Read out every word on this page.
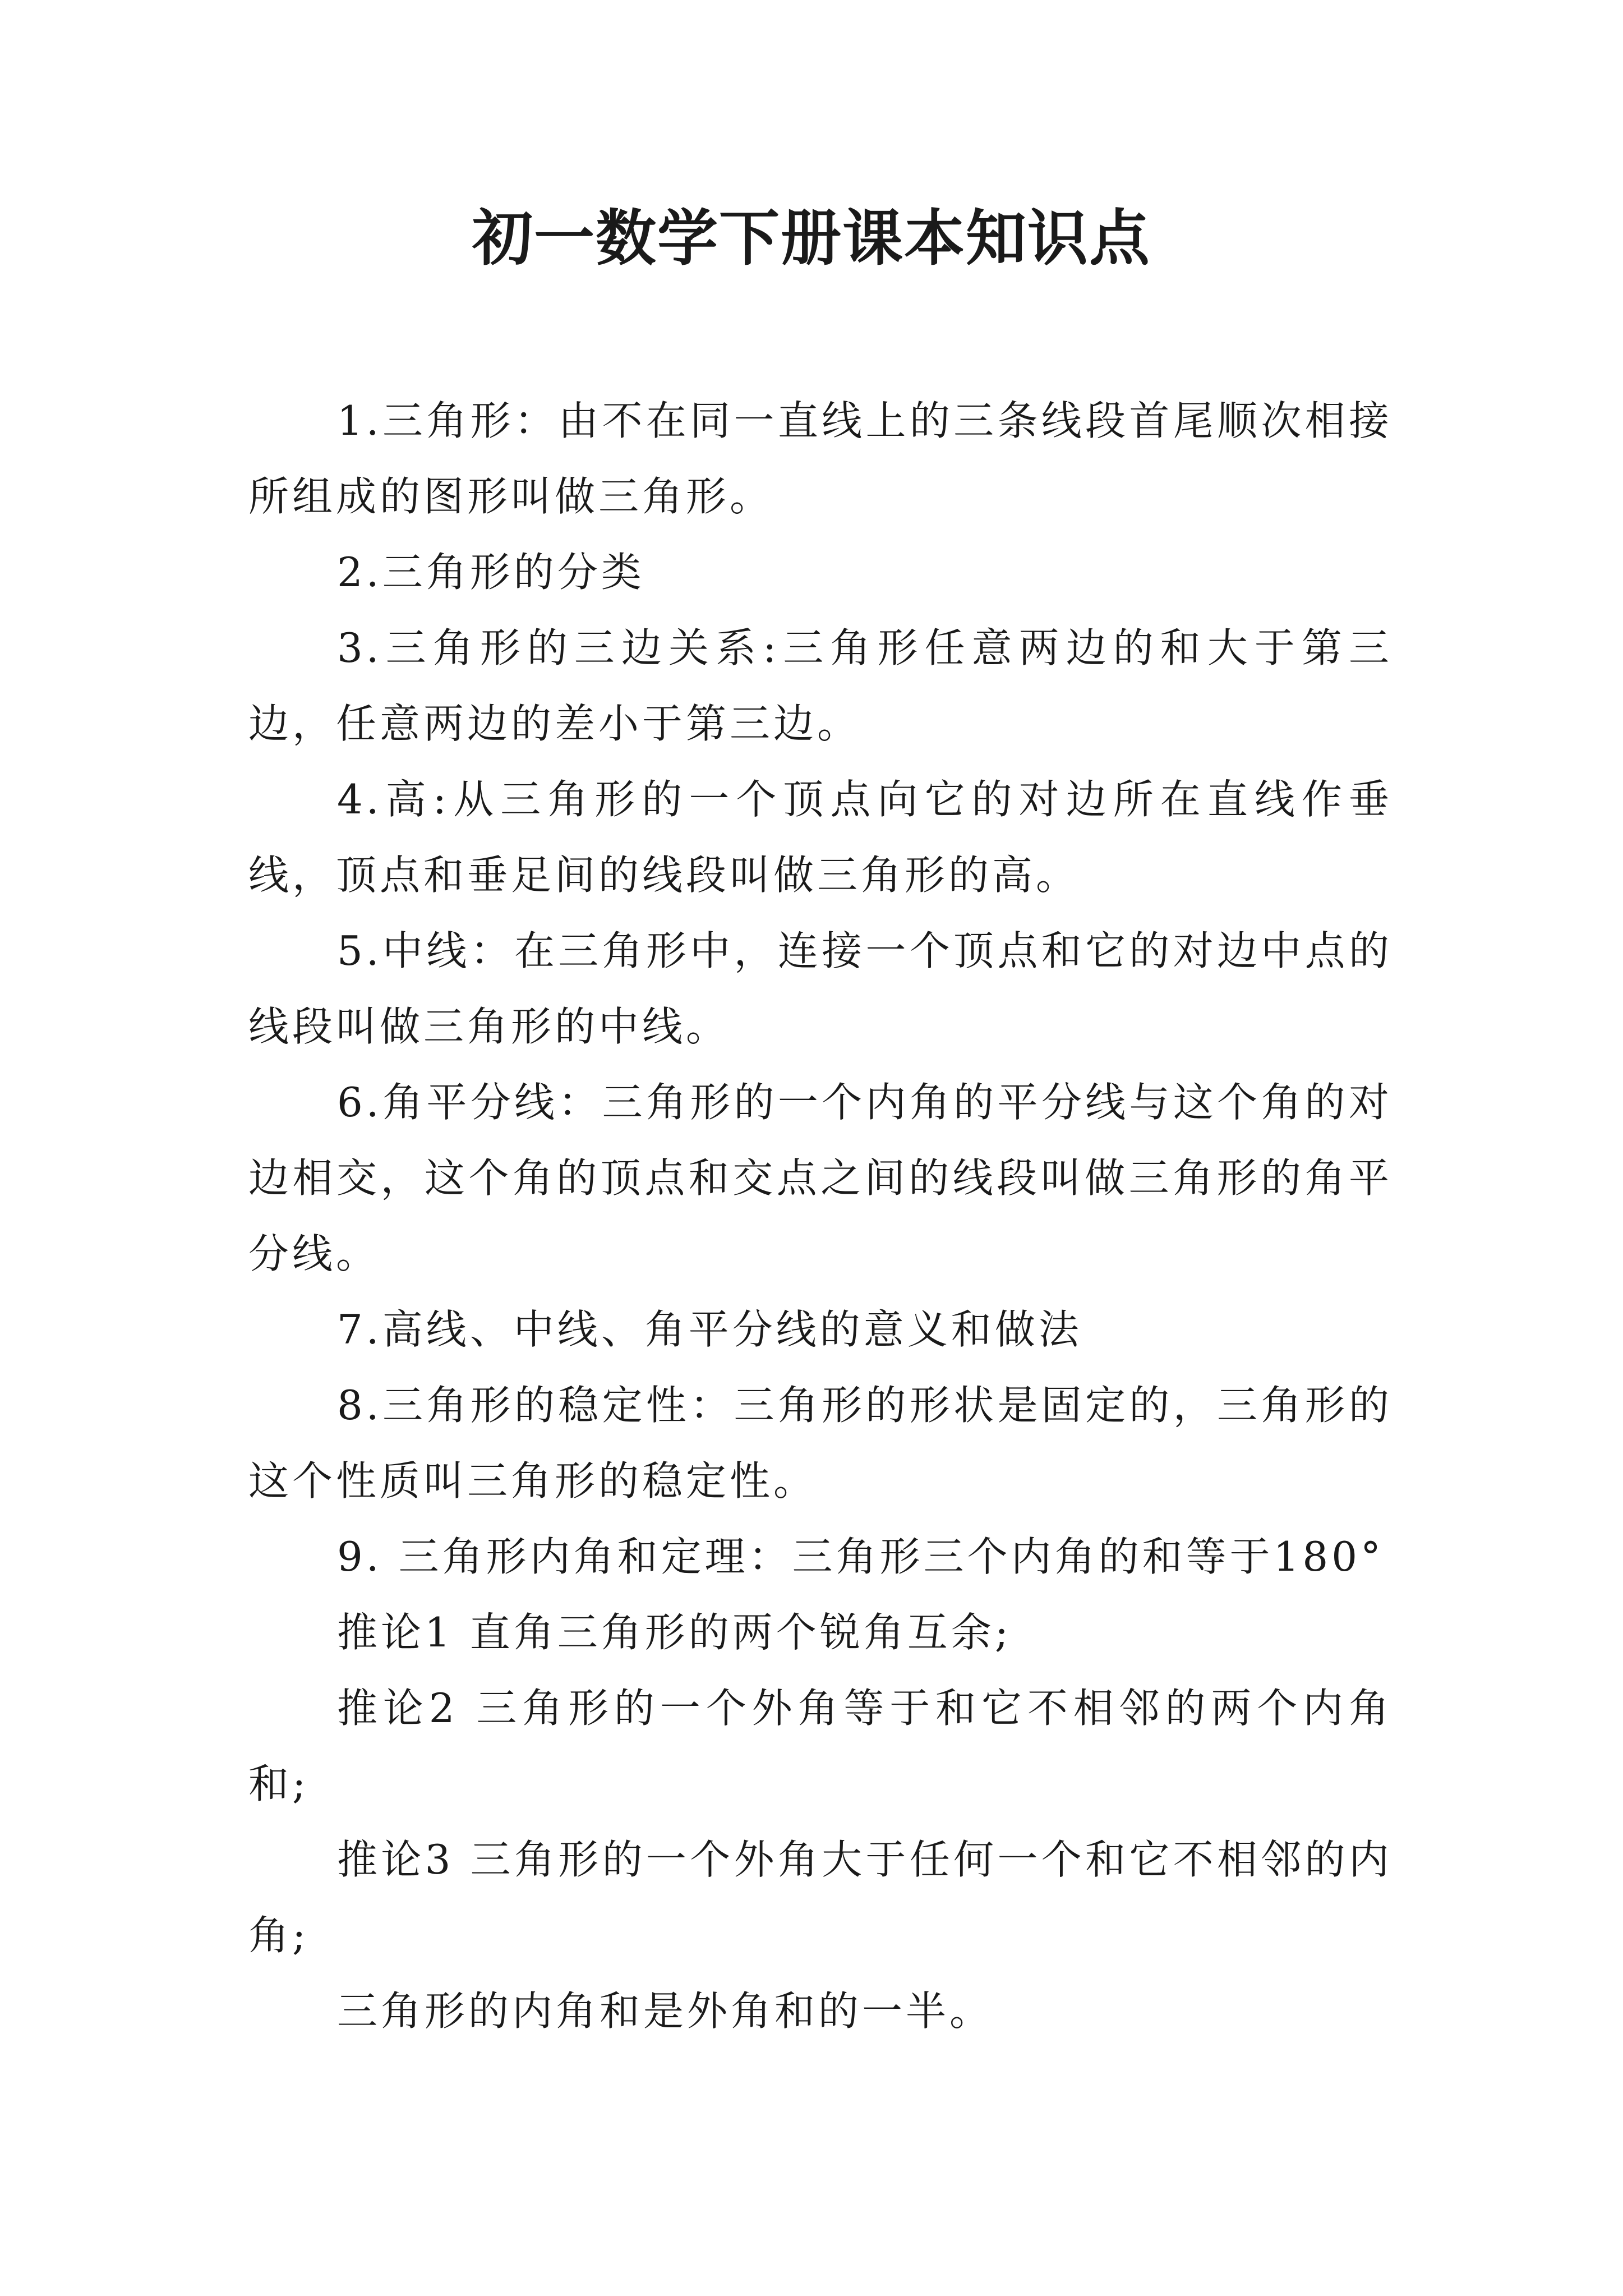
初一数学下册课本知识点

1.三角形：由不在同一直线上的三条线段首尾顺次相接所组成的图形叫做三角形。

2.三角形的分类

3.三角形的三边关系:三角形任意两边的和大于第三边，任意两边的差小于第三边。

4.高:从三角形的一个顶点向它的对边所在直线作垂线，顶点和垂足间的线段叫做三角形的高。

5.中线：在三角形中，连接一个顶点和它的对边中点的线段叫做三角形的中线。

6.角平分线：三角形的一个内角的平分线与这个角的对边相交，这个角的顶点和交点之间的线段叫做三角形的角平分线。

7.高线、中线、角平分线的意义和做法

8.三角形的稳定性：三角形的形状是固定的，三角形的这个性质叫三角形的稳定性。

9. 三角形内角和定理：三角形三个内角的和等于180°

推论1 直角三角形的两个锐角互余;

推论2 三角形的一个外角等于和它不相邻的两个内角和;

推论3 三角形的一个外角大于任何一个和它不相邻的内角;

三角形的内角和是外角和的一半。
